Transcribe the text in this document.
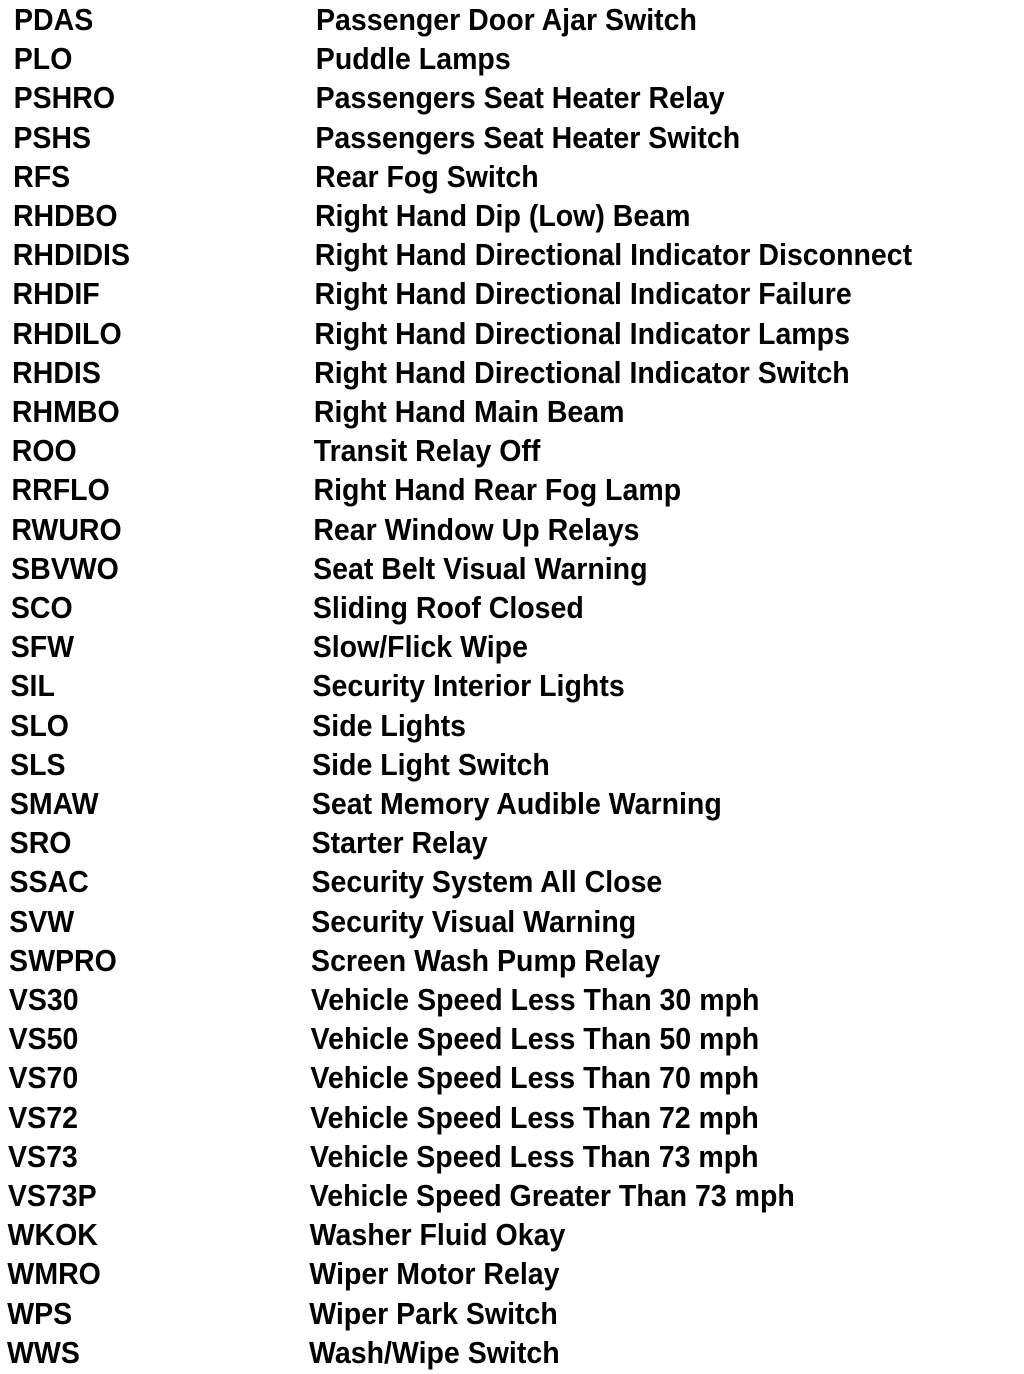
PDAS	Passenger Door Ajar Switch
PLO	Puddle Lamps
PSHRO	Passengers Seat Heater Relay
PSHS	Passengers Seat Heater Switch
RFS	Rear Fog Switch
RHDBO	Right Hand Dip (Low) Beam
RHDIDIS	Right Hand Directional Indicator Disconnect
RHDIF	Right Hand Directional Indicator Failure
RHDILO	Right Hand Directional Indicator Lamps
RHDIS	Right Hand Directional Indicator Switch
RHMBO	Right Hand Main Beam
ROO	Transit Relay Off
RRFLO	Right Hand Rear Fog Lamp
RWURO	Rear Window Up Relays
SBVWO	Seat Belt Visual Warning
SCO	Sliding Roof Closed
SFW	Slow/Flick Wipe
SIL	Security Interior Lights
SLO	Side Lights
SLS	Side Light Switch
SMAW	Seat Memory Audible Warning
SRO	Starter Relay
SSAC	Security System All Close
SVW	Security Visual Warning
SWPRO	Screen Wash Pump Relay
VS30	Vehicle Speed Less Than 30 mph
VS50	Vehicle Speed Less Than 50 mph
VS70	Vehicle Speed Less Than 70 mph
VS72	Vehicle Speed Less Than 72 mph
VS73	Vehicle Speed Less Than 73 mph
VS73P	Vehicle Speed Greater Than 73 mph
WKOK	Washer Fluid Okay
WMRO	Wiper Motor Relay
WPS	Wiper Park Switch
WWS	Wash/Wipe Switch
